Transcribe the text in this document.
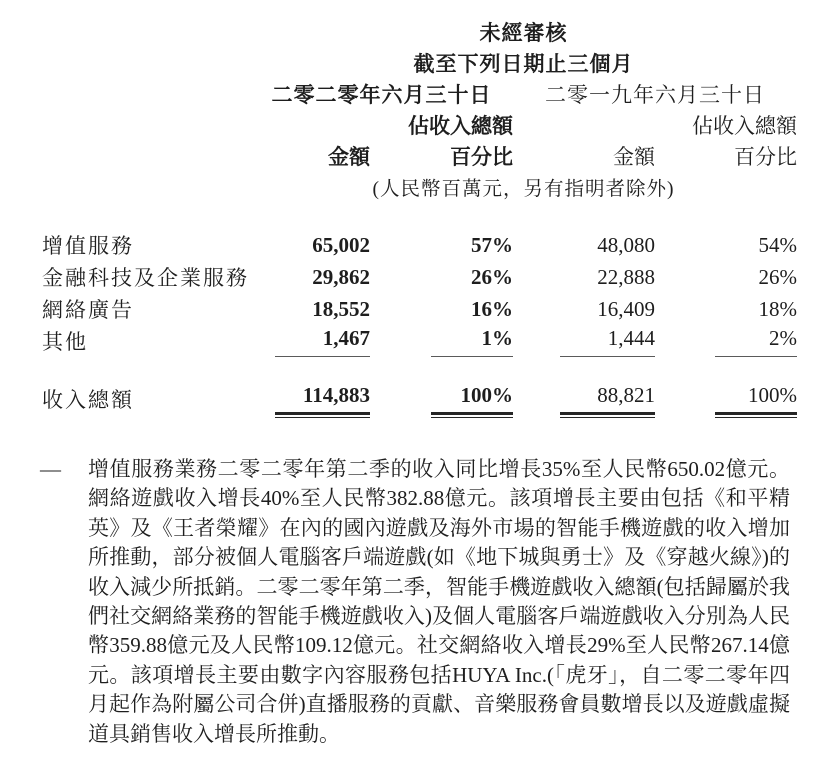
	未經審核			
	截至下列日期止三個月			
	二零二零年六月三十日		二零一九年六月三十日	
		佔收入總額		佔收入總額
	金額	百分比	金額	百分比
	(人民幣百萬元，另有指明者除外)			

增值服務	65,002	57%	48,080	54%
金融科技及企業服務	29,862	26%	22,888	26%
網絡廣告	18,552	16%	16,409	18%
其他	1,467	1%	1,444	2%

收入總額	114,883	100%	88,821	100%
—	增值服務業務二零二零年第二季的收入同比增長35%至人民幣650.02億元。網絡遊戲收入增長40%至人民幣382.88億元。該項增長主要由包括《和平精英》及《王者榮耀》在內的國內遊戲及海外市場的智能手機遊戲的收入增加所推動，部分被個人電腦客戶端遊戲(如《地下城與勇士》及《穿越火線》)的收入減少所抵銷。二零二零年第二季，智能手機遊戲收入總額(包括歸屬於我們社交網絡業務的智能手機遊戲收入)及個人電腦客戶端遊戲收入分別為人民幣359.88億元及人民幣109.12億元。社交網絡收入增長29%至人民幣267.14億元。該項增長主要由數字內容服務包括HUYA Inc.(「虎牙」，自二零二零年四月起作為附屬公司合併)直播服務的貢獻、音樂服務會員數增長以及遊戲虛擬道具銷售收入增長所推動。
